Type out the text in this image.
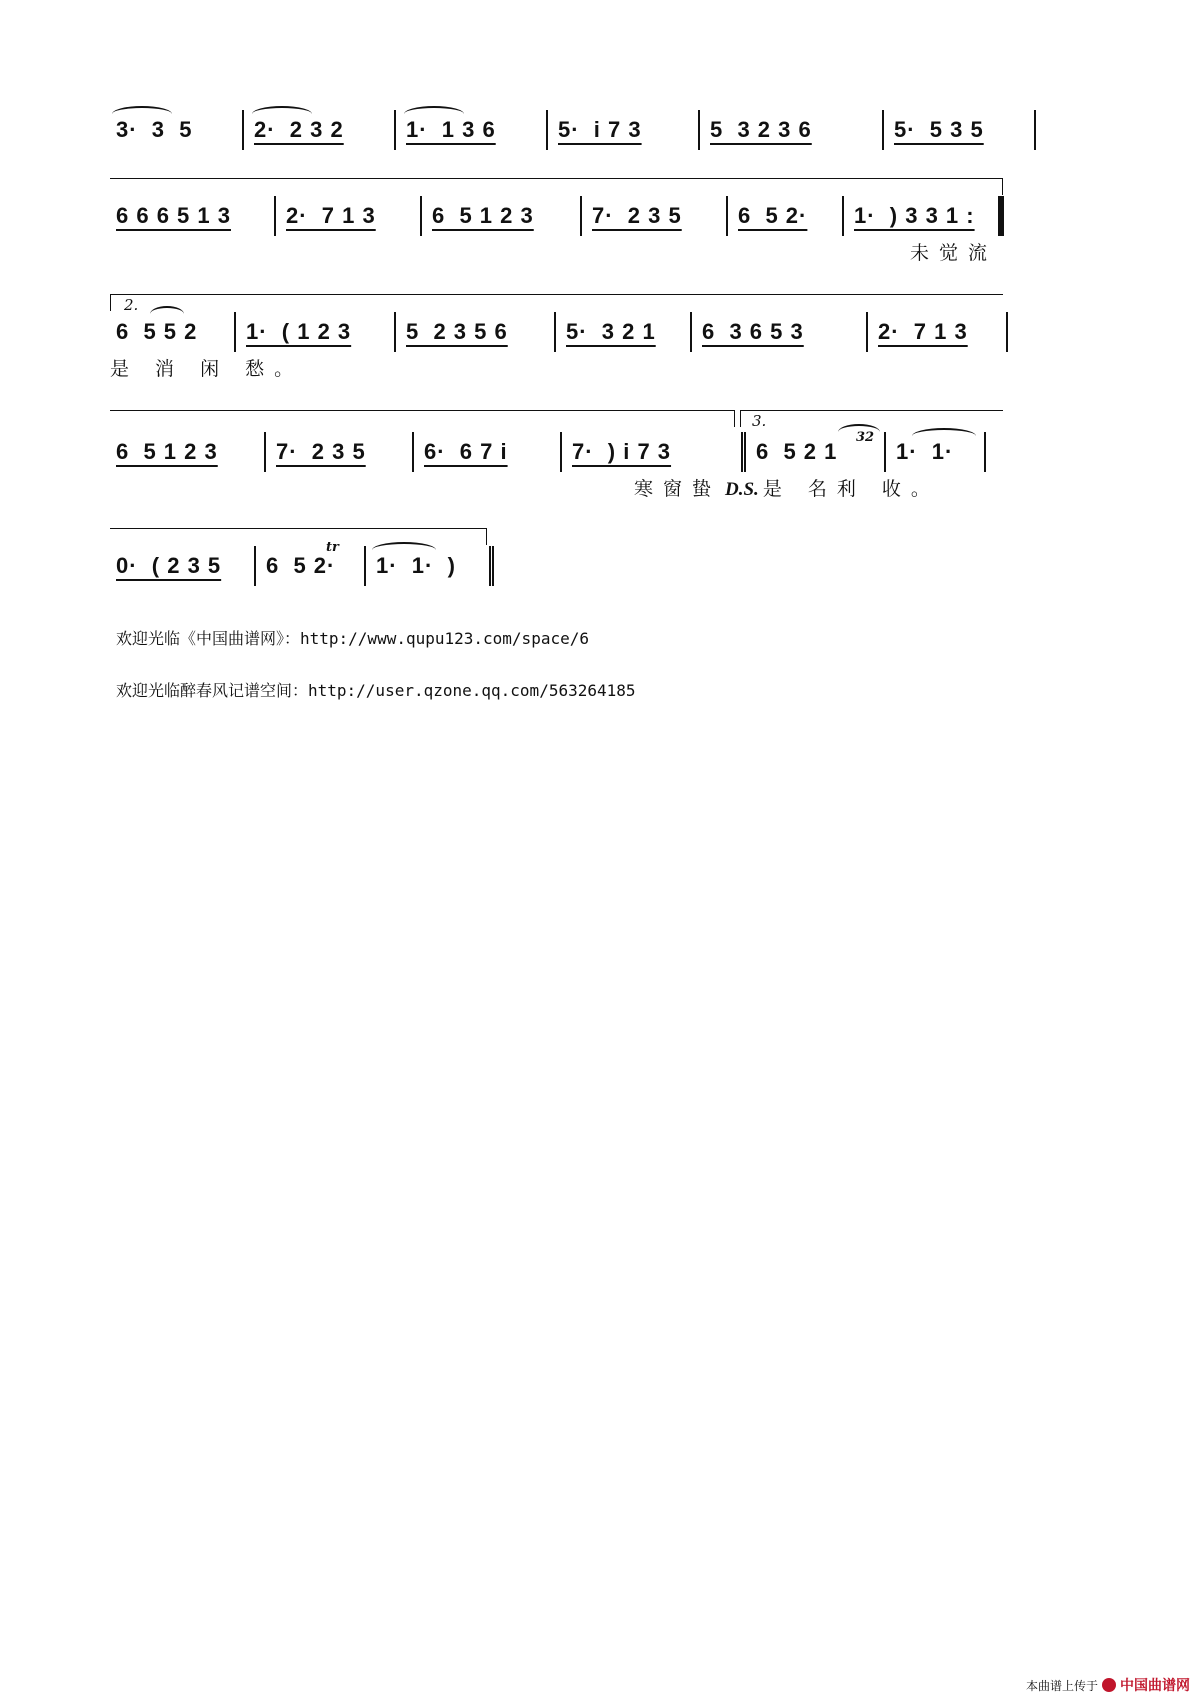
3·  3  5	2·  2 3 2	1·  1 3 6	5·  i 7 3	5  3 2 3 6	5·  5 3 5
6 6 6 5 1 3	2·  7 1 3	6  5 1 2 3	7·  2 3 5	6  5 2· 1·  ) 3 3 1 :
未觉流
2.
6  5 5 2 1·  ( 1 2 3 5  2 3 5 6	5·  3 2 1 6  3 6 5 3	2·  7 1 3
是 消 闲 愁。
3.
32
6  5 1 2 3	7·  2 3 5	6·  6 7 i	7·  ) i 7 3	6  5 2 1	1·  1·
寒窗蛰 D.S. 是 名利 收。
tr
0·  ( 2 3 5 6  5 2· 1·  1·  )
欢迎光临《中国曲谱网》：http://www.qupu123.com/space/6
欢迎光临醉春风记谱空间：http://user.qzone.qq.com/563264185
本曲谱上传于 中国曲谱网
